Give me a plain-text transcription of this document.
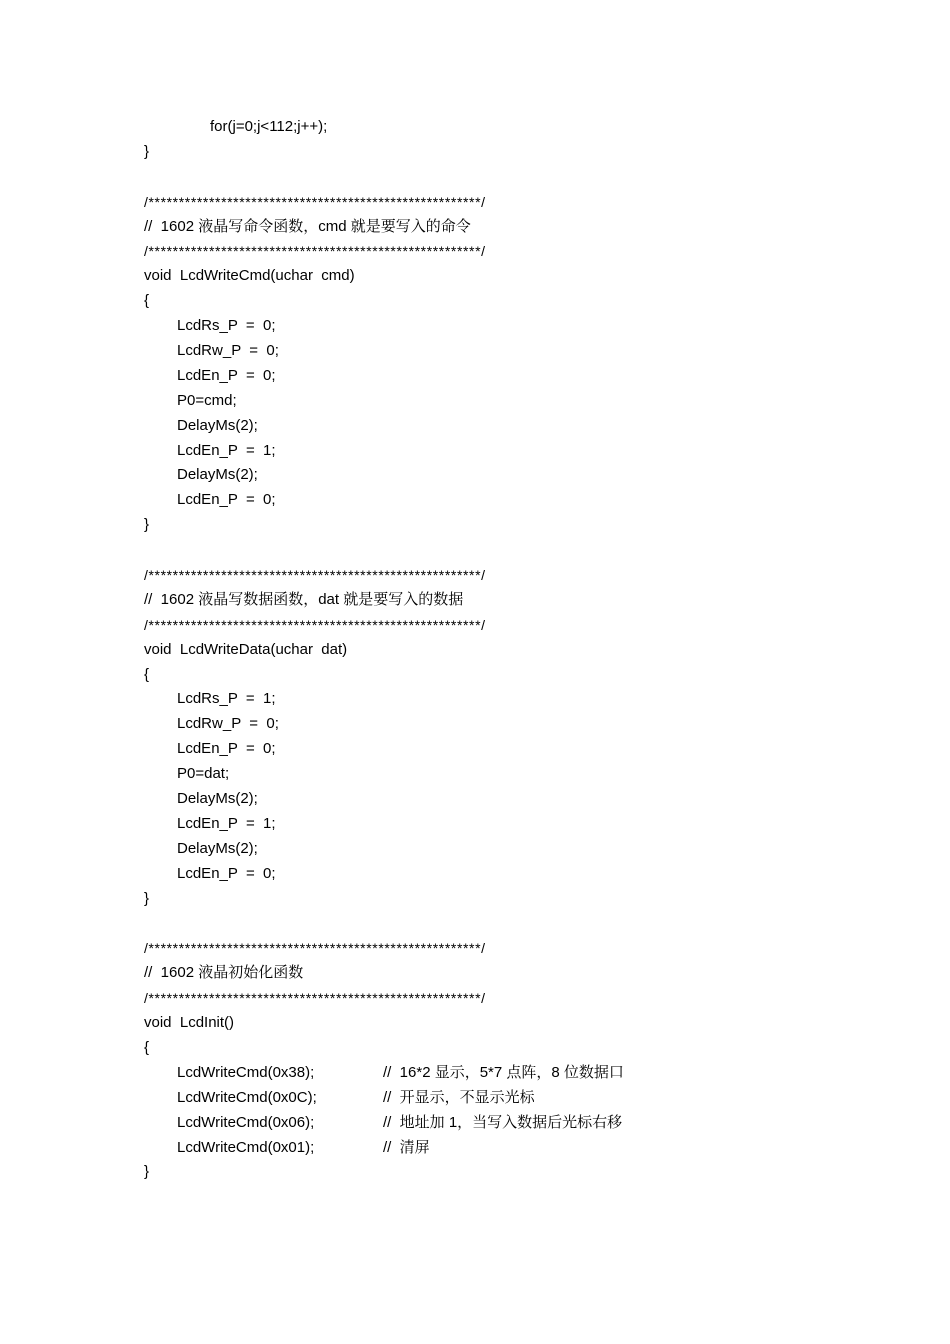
for(j=0;j<112;j++);
}
/*******************************************************/
//  1602 液晶写命令函数，cmd 就是要写入的命令
/*******************************************************/
void  LcdWriteCmd(uchar  cmd)
{
LcdRs_P  =  0;
LcdRw_P  =  0;
LcdEn_P  =  0;
P0=cmd;
DelayMs(2);
LcdEn_P  =  1;
DelayMs(2);
LcdEn_P  =  0;
}
/*******************************************************/
//  1602 液晶写数据函数，dat 就是要写入的数据
/*******************************************************/
void  LcdWriteData(uchar  dat)
{
LcdRs_P  =  1;
LcdRw_P  =  0;
LcdEn_P  =  0;
P0=dat;
DelayMs(2);
LcdEn_P  =  1;
DelayMs(2);
LcdEn_P  =  0;
}
/*******************************************************/
//  1602 液晶初始化函数
/*******************************************************/
void  LcdInit()
{
LcdWriteCmd(0x38);	//  16*2 显示，5*7 点阵，8 位数据口
LcdWriteCmd(0x0C);	//  开显示，不显示光标
LcdWriteCmd(0x06);	//  地址加 1，当写入数据后光标右移
LcdWriteCmd(0x01);	//  清屏
}
